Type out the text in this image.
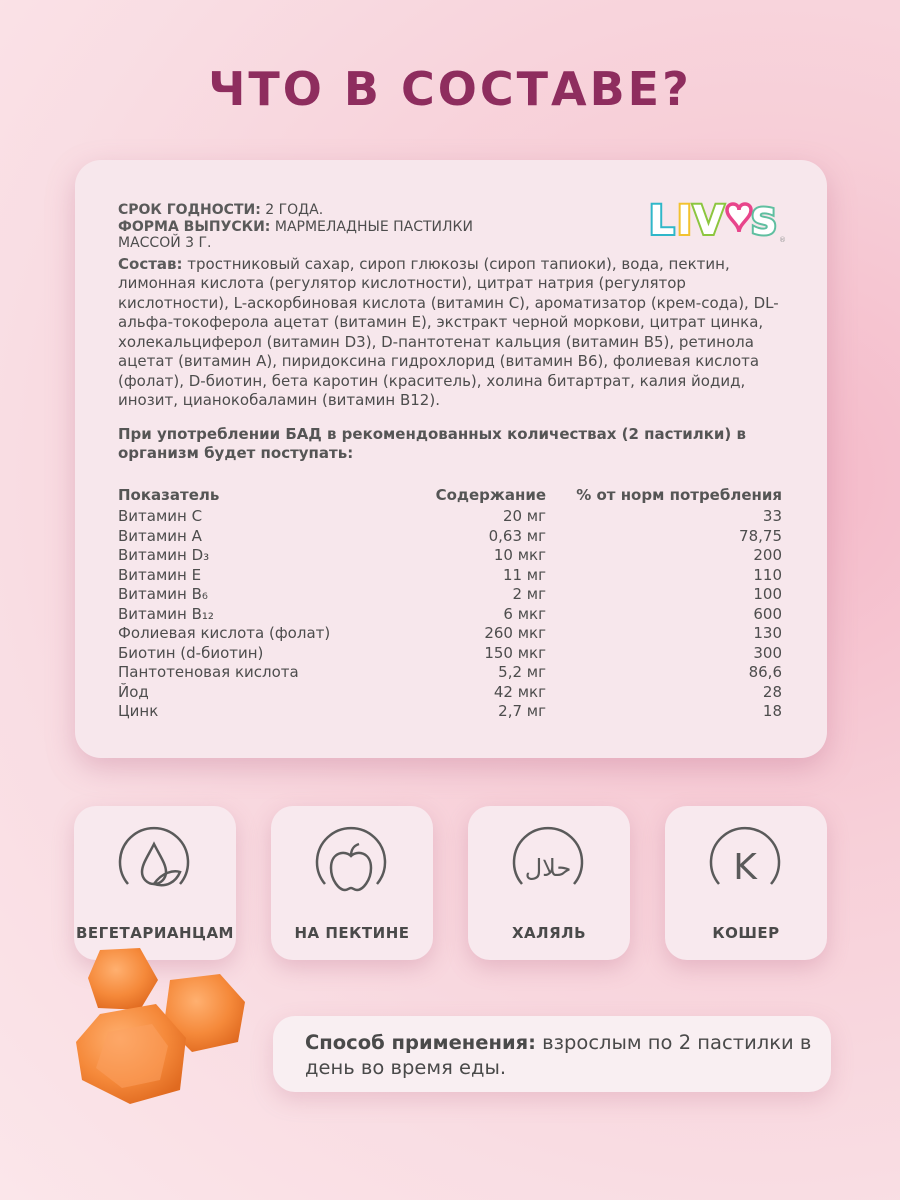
ЧТО В СОСТАВЕ?
L I V S ®
СРОК ГОДНОСТИ: 2 ГОДА.
ФОРМА ВЫПУСКИ: МАРМЕЛАДНЫЕ ПАСТИЛКИ
МАССОЙ 3 Г.
Состав: тростниковый сахар, сироп глюкозы (сироп тапиоки), вода, пектин, лимонная кислота (регулятор кислотности), цитрат натрия (регулятор кислотности), L-аскорбиновая кислота (витамин С), ароматизатор (крем-сода), DL-альфа-токоферола ацетат (витамин Е), экстракт черной моркови, цитрат цинка, холекальциферол (витамин D3), D-пантотенат кальция (витамин В5), ретинола ацетат (витамин А), пиридоксина гидрохлорид (витамин В6), фолиевая кислота (фолат), D-биотин, бета каротин (краситель), холина битартрат, калия йодид, инозит, цианокобаламин (витамин В12).
При употреблении БАД в рекомендованных количествах (2 пастилки) в организм будет поступать:
Показатель	Содержание	% от норм потребления
Витамин С	20 мг	33
Витамин А	0,63 мг	78,75
Витамин D₃	10 мкг	200
Витамин Е	11 мг	110
Витамин В₆	2 мг	100
Витамин В₁₂	6 мкг	600
Фолиевая кислота (фолат)	260 мкг	130
Биотин (d-биотин)	150 мкг	300
Пантотеновая кислота	5,2 мг	86,6
Йод	42 мкг	28
Цинк	2,7 мг	18
ВЕГЕТАРИАНЦАМ	НА ПЕКТИНЕ
حلال
ХАЛЯЛЬ
K
КОШЕР

Способ применения: взрослым по 2 пастилки в день во время еды.
